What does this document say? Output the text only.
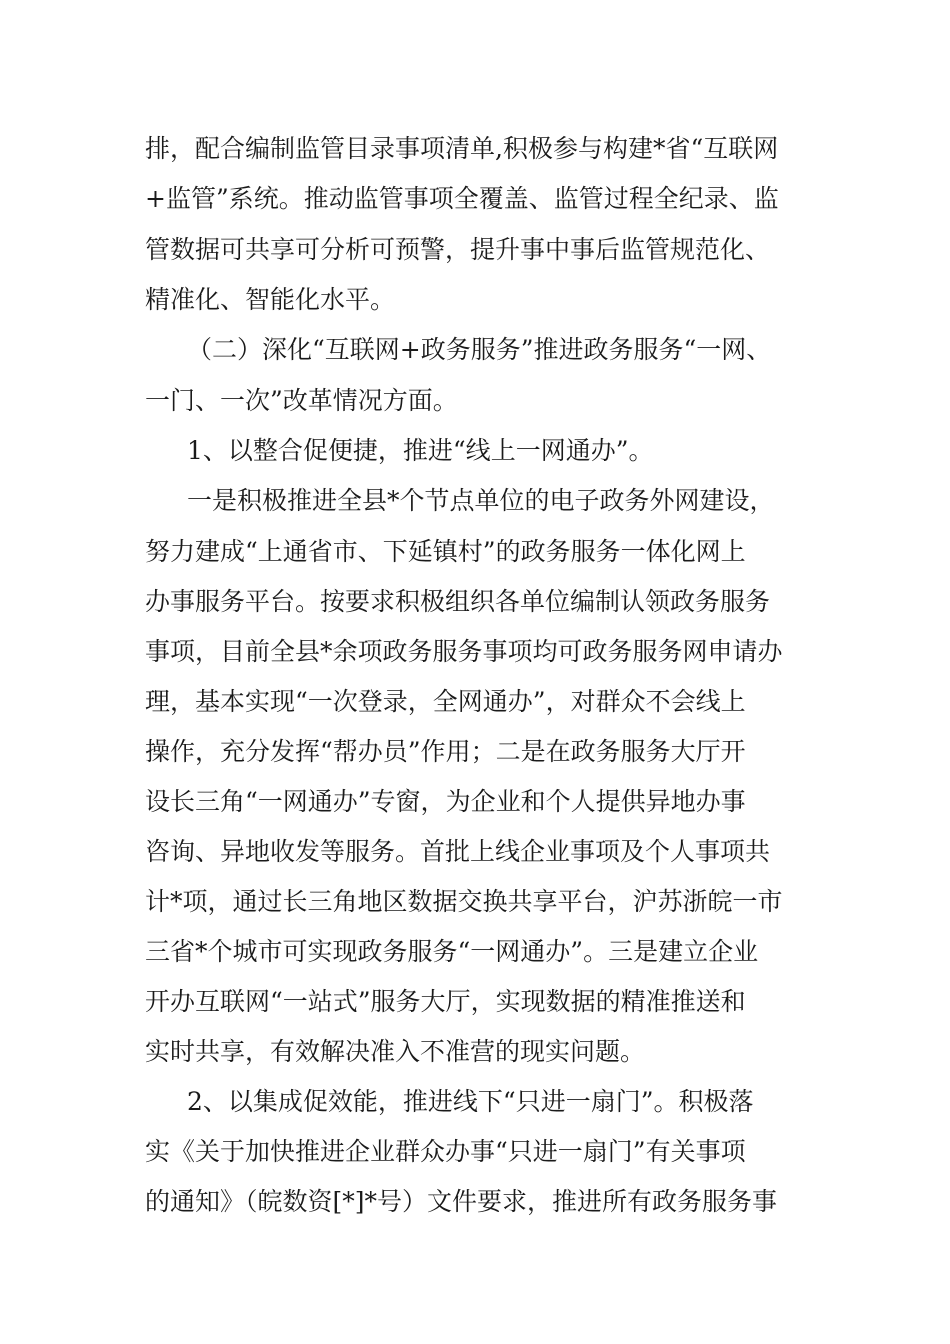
排，配合编制监管目录事项清单,积极参与构建*省“互联网
+监管”系统。推动监管事项全覆盖、监管过程全纪录、监
管数据可共享可分析可预警，提升事中事后监管规范化、
精准化、智能化水平。
（二）深化“互联网+政务服务”推进政务服务“一网、
一门、一次”改革情况方面。
1、以整合促便捷，推进“线上一网通办”。
一是积极推进全县*个节点单位的电子政务外网建设，
努力建成“上通省市、下延镇村”的政务服务一体化网上
办事服务平台。按要求积极组织各单位编制认领政务服务
事项，目前全县*余项政务服务事项均可政务服务网申请办
理，基本实现“一次登录，全网通办”，对群众不会线上
操作，充分发挥“帮办员”作用；二是在政务服务大厅开
设长三角“一网通办”专窗，为企业和个人提供异地办事
咨询、异地收发等服务。首批上线企业事项及个人事项共
计*项，通过长三角地区数据交换共享平台，沪苏浙皖一市
三省*个城市可实现政务服务“一网通办”。三是建立企业
开办互联网“一站式”服务大厅，实现数据的精准推送和
实时共享，有效解决准入不准营的现实问题。
2、以集成促效能，推进线下“只进一扇门”。积极落
实《关于加快推进企业群众办事“只进一扇门”有关事项
的通知》（皖数资[*]*号）文件要求，推进所有政务服务事
